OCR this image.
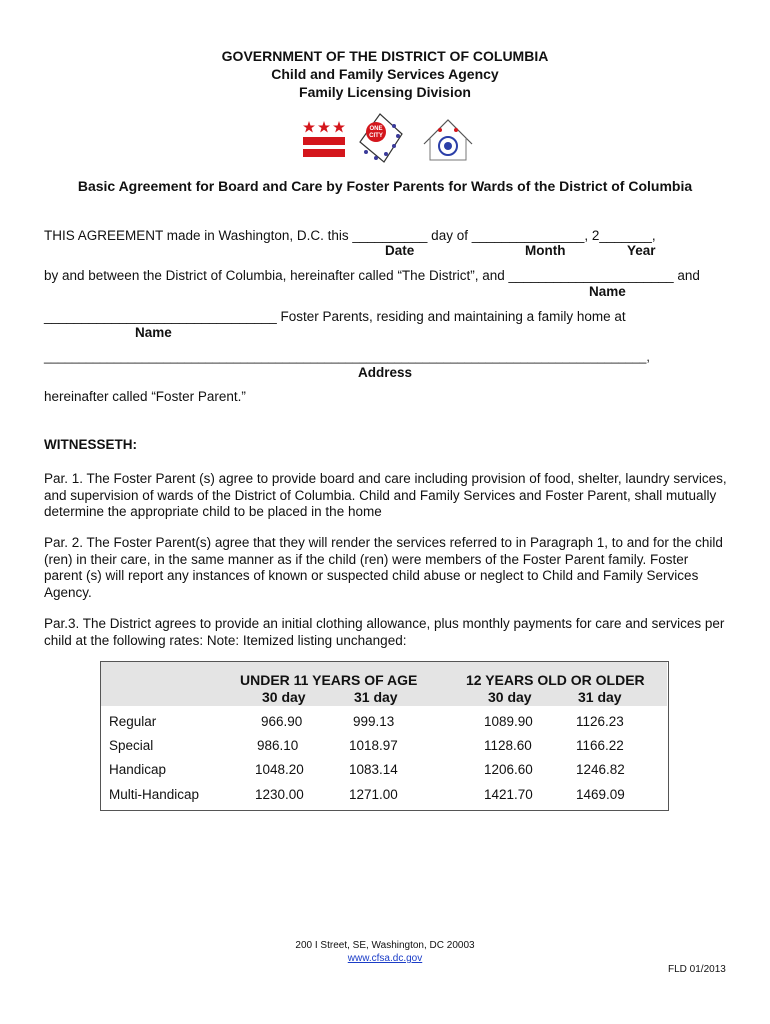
GOVERNMENT OF THE DISTRICT OF COLUMBIA
Child and Family Services Agency
Family Licensing Division
ONE
CITY
Basic Agreement for Board and Care by Foster Parents for Wards of the District of Columbia
THIS AGREEMENT made in Washington, D.C. this __________ day of _______________, 2_______,
Date	Month	Year
by and between the District of Columbia, hereinafter called “The District”, and ______________________ and
Name
_______________________________ Foster Parents, residing and maintaining a family home at
Name
______________________________________________________________________________________,
Address
hereinafter called “Foster Parent.”
WITNESSETH:
Par. 1. The Foster Parent (s) agree to provide board and care including provision of food, shelter, laundry services, and supervision of wards of the District of Columbia. Child and Family Services and Foster Parent, shall mutually determine the appropriate child to be placed in the home
Par. 2. The Foster Parent(s) agree that they will render the services referred to in Paragraph 1, to and for the child (ren) in their care, in the same manner as if the child (ren) were members of the Foster Parent family. Foster parent (s) will report any instances of known or suspected child abuse or neglect to Child and Family Services Agency.
Par.3. The District agrees to provide an initial clothing allowance, plus monthly payments for care and services per child at the following rates: Note: Itemized listing unchanged:
UNDER 11 YEARS OF AGE	12 YEARS OLD OR OLDER
30 day	31 day	30 day	31 day
Regular	966.90	999.13	1089.90	1126.23
Special	986.10	1018.97	1128.60	1166.22
Handicap	1048.20	1083.14	1206.60	1246.82
Multi-Handicap	1230.00	1271.00	1421.70	1469.09
200 I Street, SE, Washington, DC 20003
www.cfsa.dc.gov
FLD 01/2013
